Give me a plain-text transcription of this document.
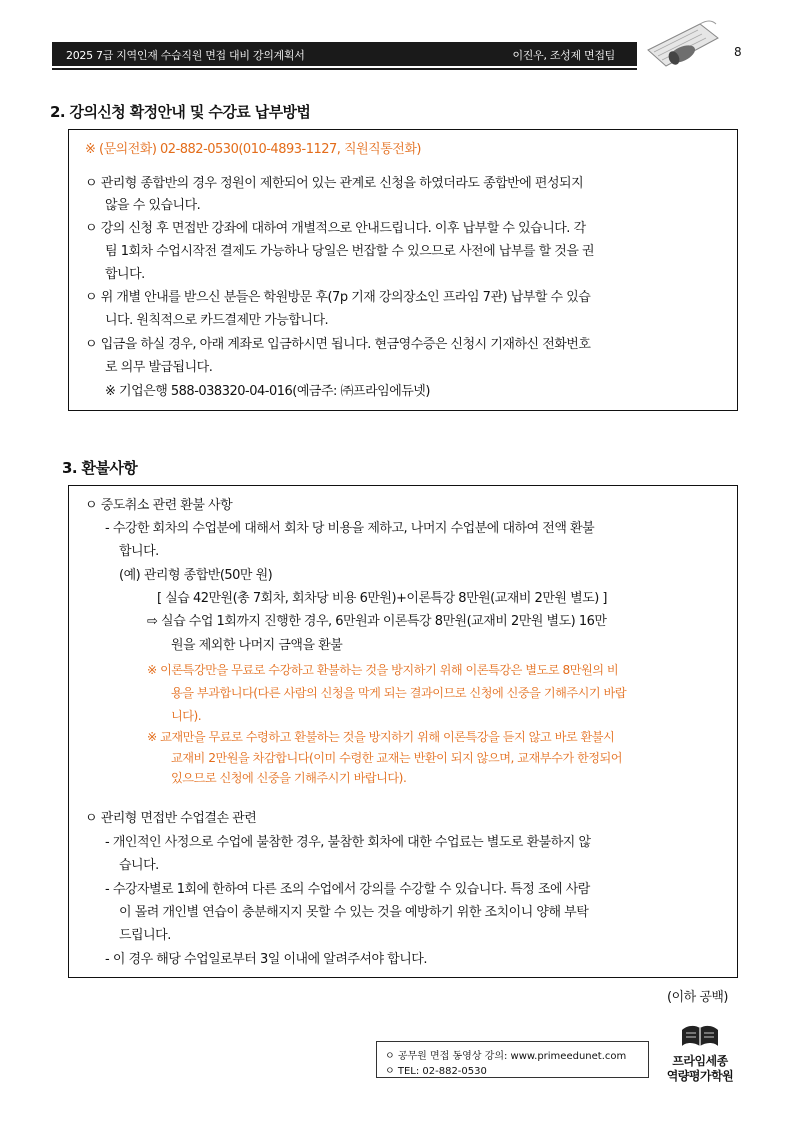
2025 7급 지역인재 수습직원 면접 대비 강의계획서	이진우, 조성제 면접팀	8
2. 강의신청 확정안내 및 수강료 납부방법
※ (문의전화) 02-882-0530(010-4893-1127, 직원직통전화)
ㅇ 관리형 종합반의 경우 정원이 제한되어 있는 관계로 신청을 하였더라도 종합반에 편성되지
않을 수 있습니다.
ㅇ 강의 신청 후 면접반 강좌에 대하여 개별적으로 안내드립니다. 이후 납부할 수 있습니다. 각
팀 1회차 수업시작전 결제도 가능하나 당일은 번잡할 수 있으므로 사전에 납부를 할 것을 권
합니다.
ㅇ 위 개별 안내를 받으신 분들은 학원방문 후(7p 기재 강의장소인 프라임 7관) 납부할 수 있습
니다. 원칙적으로 카드결제만 가능합니다.
ㅇ 입금을 하실 경우, 아래 계좌로 입금하시면 됩니다. 현금영수증은 신청시 기재하신 전화번호
로 의무 발급됩니다.
※ 기업은행 588-038320-04-016(예금주: ㈜프라임에듀넷)
3. 환불사항
ㅇ 중도취소 관련 환불 사항
- 수강한 회차의 수업분에 대해서 회차 당 비용을 제하고, 나머지 수업분에 대하여 전액 환불
합니다.
(예) 관리형 종합반(50만 원)
[ 실습 42만원(총 7회차, 회차당 비용 6만원)+이론특강 8만원(교재비 2만원 별도) ]
⇨ 실습 수업 1회까지 진행한 경우, 6만원과 이론특강 8만원(교재비 2만원 별도) 16만
원을 제외한 나머지 금액을 환불
※ 이론특강만을 무료로 수강하고 환불하는 것을 방지하기 위해 이론특강은 별도로 8만원의 비
용을 부과합니다(다른 사람의 신청을 막게 되는 결과이므로 신청에 신중을 기해주시기 바랍
니다).
※ 교재만을 무료로 수령하고 환불하는 것을 방지하기 위해 이론특강을 듣지 않고 바로 환불시
교재비 2만원을 차감합니다(이미 수령한 교재는 반환이 되지 않으며, 교재부수가 한정되어
있으므로 신청에 신중을 기해주시기 바랍니다).
ㅇ 관리형 면접반 수업결손 관련
- 개인적인 사정으로 수업에 불참한 경우, 불참한 회차에 대한 수업료는 별도로 환불하지 않
습니다.
- 수강자별로 1회에 한하여 다른 조의 수업에서 강의를 수강할 수 있습니다. 특정 조에 사람
이 몰려 개인별 연습이 충분해지지 못할 수 있는 것을 예방하기 위한 조치이니 양해 부탁
드립니다.
- 이 경우 해당 수업일로부터 3일 이내에 알려주셔야 합니다.
(이하 공백)
ㅇ 공무원 면접 동영상 강의: www.primeedunet.com
ㅇ TEL: 02-882-0530
프라임세종
역량평가학원
